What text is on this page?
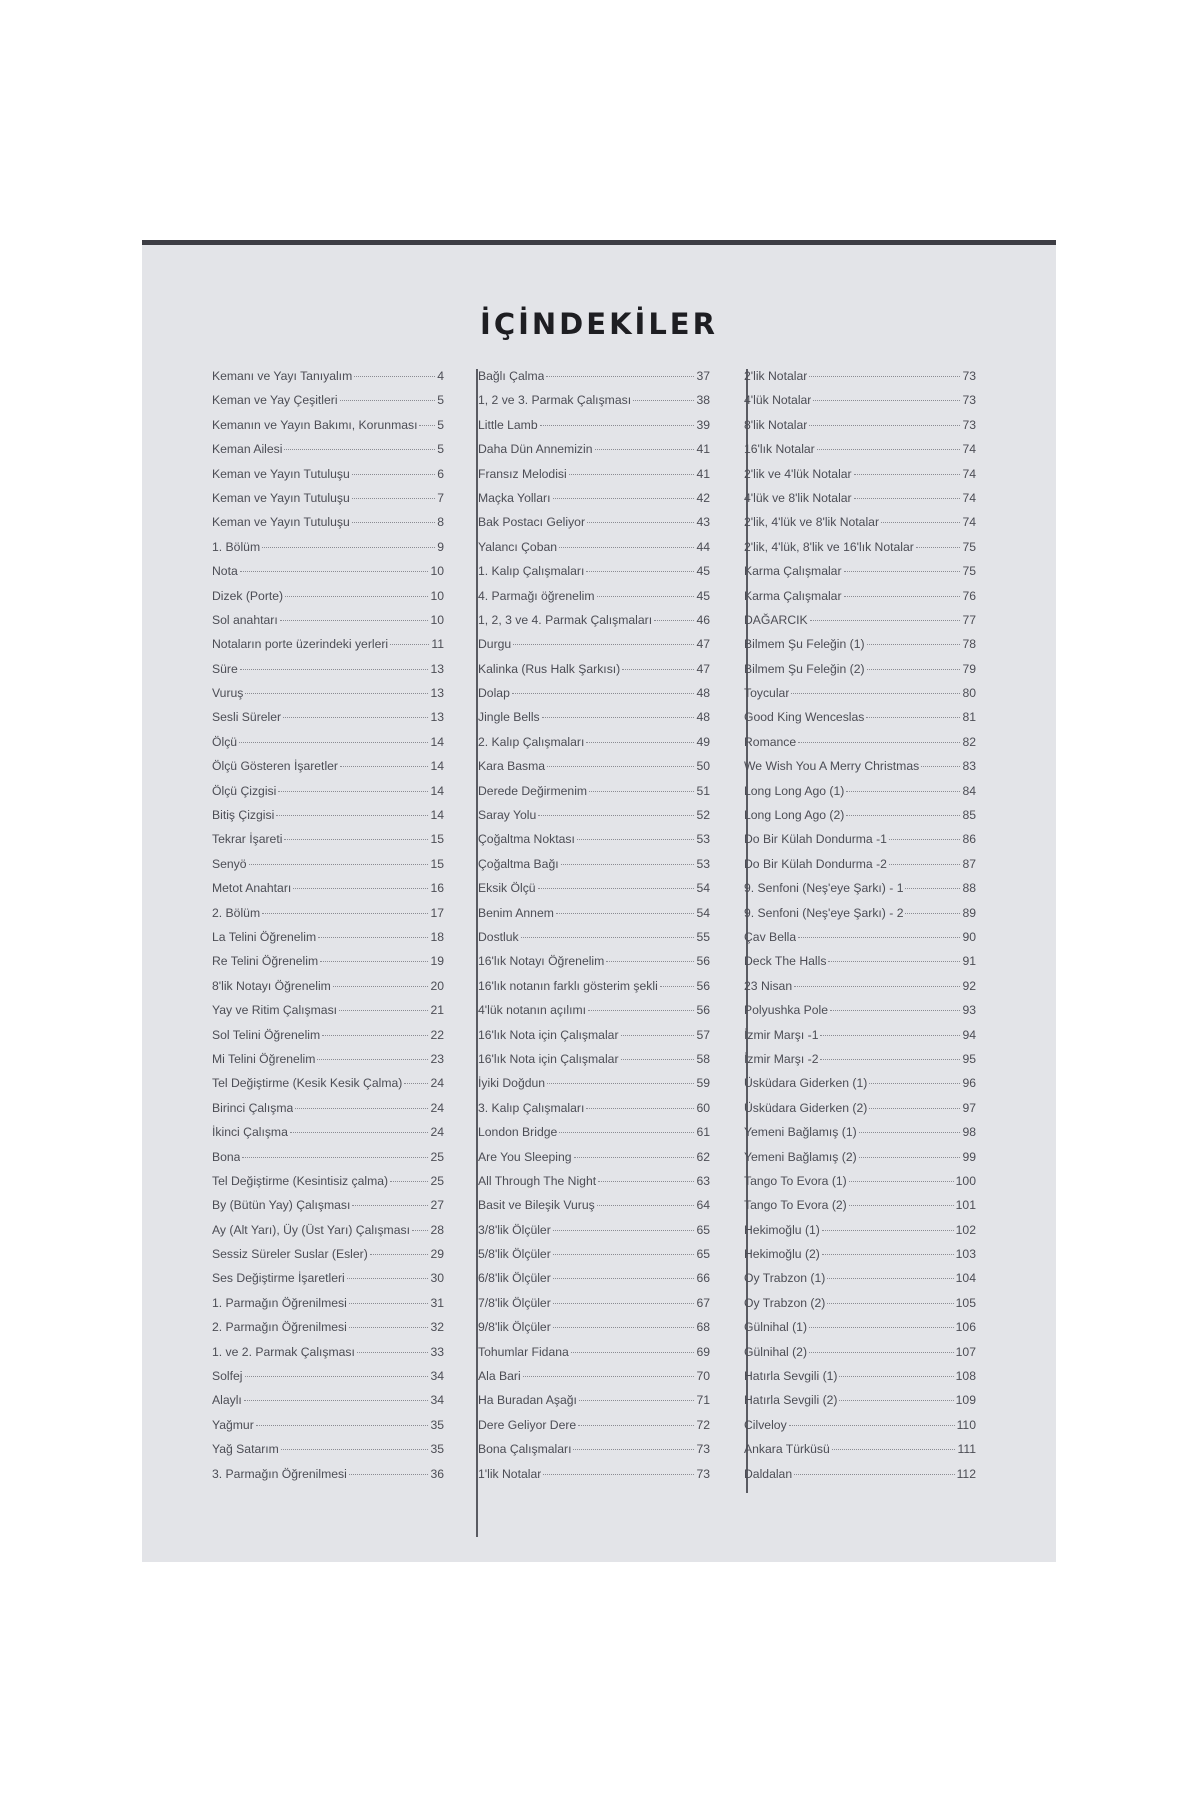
İÇİNDEKİLER
Kemanı ve Yayı Tanıyalım	4
Keman ve Yay Çeşitleri	5
Kemanın ve Yayın Bakımı, Korunması 5
Keman Ailesi	5
Keman ve Yayın Tutuluşu	6
Keman ve Yayın Tutuluşu	7
Keman ve Yayın Tutuluşu	8
1. Bölüm	9
Nota	10
Dizek (Porte)	10
Sol anahtarı	10
Notaların porte üzerindeki yerleri	11
Süre	13
Vuruş	13
Sesli Süreler	13
Ölçü	14
Ölçü Gösteren İşaretler	14
Ölçü Çizgisi	14
Bitiş Çizgisi	14
Tekrar İşareti	15
Senyö	15
Metot Anahtarı	16
2. Bölüm	17
La Telini Öğrenelim	18
Re Telini Öğrenelim	19
8'lik Notayı Öğrenelim	20
Yay ve Ritim Çalışması	21
Sol Telini Öğrenelim	22
Mi Telini Öğrenelim	23
Tel Değiştirme (Kesik Kesik Çalma) 24
Birinci Çalışma	24
İkinci Çalışma	24
Bona	25
Tel Değiştirme (Kesintisiz çalma)	25
By (Bütün Yay) Çalışması	27
Ay (Alt Yarı), Üy (Üst Yarı) Çalışması 28
Sessiz Süreler Suslar (Esler)	29
Ses Değiştirme İşaretleri	30
1. Parmağın Öğrenilmesi	31
2. Parmağın Öğrenilmesi	32
1. ve 2. Parmak Çalışması	33
Solfej	34
Alaylı	34
Yağmur	35
Yağ Satarım	35
3. Parmağın Öğrenilmesi	36
Bağlı Çalma	37
1, 2 ve 3. Parmak Çalışması	38
Little Lamb	39
Daha Dün Annemizin	41
Fransız Melodisi	41
Maçka Yolları	42
Bak Postacı Geliyor	43
Yalancı Çoban	44
1. Kalıp Çalışmaları	45
4. Parmağı öğrenelim	45
1, 2, 3 ve 4. Parmak Çalışmaları	46
Durgu	47
Kalinka (Rus Halk Şarkısı)	47
Dolap	48
Jingle Bells	48
2. Kalıp Çalışmaları	49
Kara Basma	50
Derede Değirmenim	51
Saray Yolu	52
Çoğaltma Noktası	53
Çoğaltma Bağı	53
Eksik Ölçü	54
Benim Annem	54
Dostluk	55
16'lık Notayı Öğrenelim	56
16'lık notanın farklı gösterim şekli	56
4'lük notanın açılımı	56
16'lık Nota için Çalışmalar	57
16'lık Nota için Çalışmalar	58
İyiki Doğdun	59
3. Kalıp Çalışmaları	60
London Bridge	61
Are You Sleeping	62
All Through The Night	63
Basit ve Bileşik Vuruş	64
3/8'lik Ölçüler	65
5/8'lik Ölçüler	65
6/8'lik Ölçüler	66
7/8'lik Ölçüler	67
9/8'lik Ölçüler	68
Tohumlar Fidana	69
Ala Bari	70
Ha Buradan Aşağı	71
Dere Geliyor Dere	72
Bona Çalışmaları	73
1'lik Notalar	73
2'lik Notalar	73
4'lük Notalar	73
8'lik Notalar	73
16'lık Notalar	74
2'lik ve 4'lük Notalar	74
4'lük ve 8'lik Notalar	74
2'lik, 4'lük ve 8'lik Notalar	74
2'lik, 4'lük, 8'lik ve 16'lık Notalar	75
Karma Çalışmalar	75
Karma Çalışmalar	76
DAĞARCIK	77
Bilmem Şu Feleğin (1)	78
Bilmem Şu Feleğin (2)	79
Toycular	80
Good King Wenceslas	81
Romance	82
We Wish You A Merry Christmas	83
Long Long Ago (1)	84
Long Long Ago (2)	85
Do Bir Külah Dondurma -1	86
Do Bir Külah Dondurma -2	87
9. Senfoni (Neş'eye Şarkı) - 1	88
9. Senfoni (Neş'eye Şarkı) - 2	89
Çav Bella	90
Deck The Halls	91
23 Nisan	92
Polyushka Pole	93
İzmir Marşı -1	94
İzmir Marşı -2	95
Üsküdara Giderken (1)	96
Üsküdara Giderken (2)	97
Yemeni Bağlamış (1)	98
Yemeni Bağlamış (2)	99
Tango To Evora (1)	100
Tango To Evora (2)	101
Hekimoğlu (1)	102
Hekimoğlu (2)	103
Oy Trabzon (1)	104
Oy Trabzon (2)	105
Gülnihal (1)	106
Gülnihal (2)	107
Hatırla Sevgili (1)	108
Hatırla Sevgili (2)	109
Cilveloy	110
Ankara Türküsü	111
Daldalan	112
